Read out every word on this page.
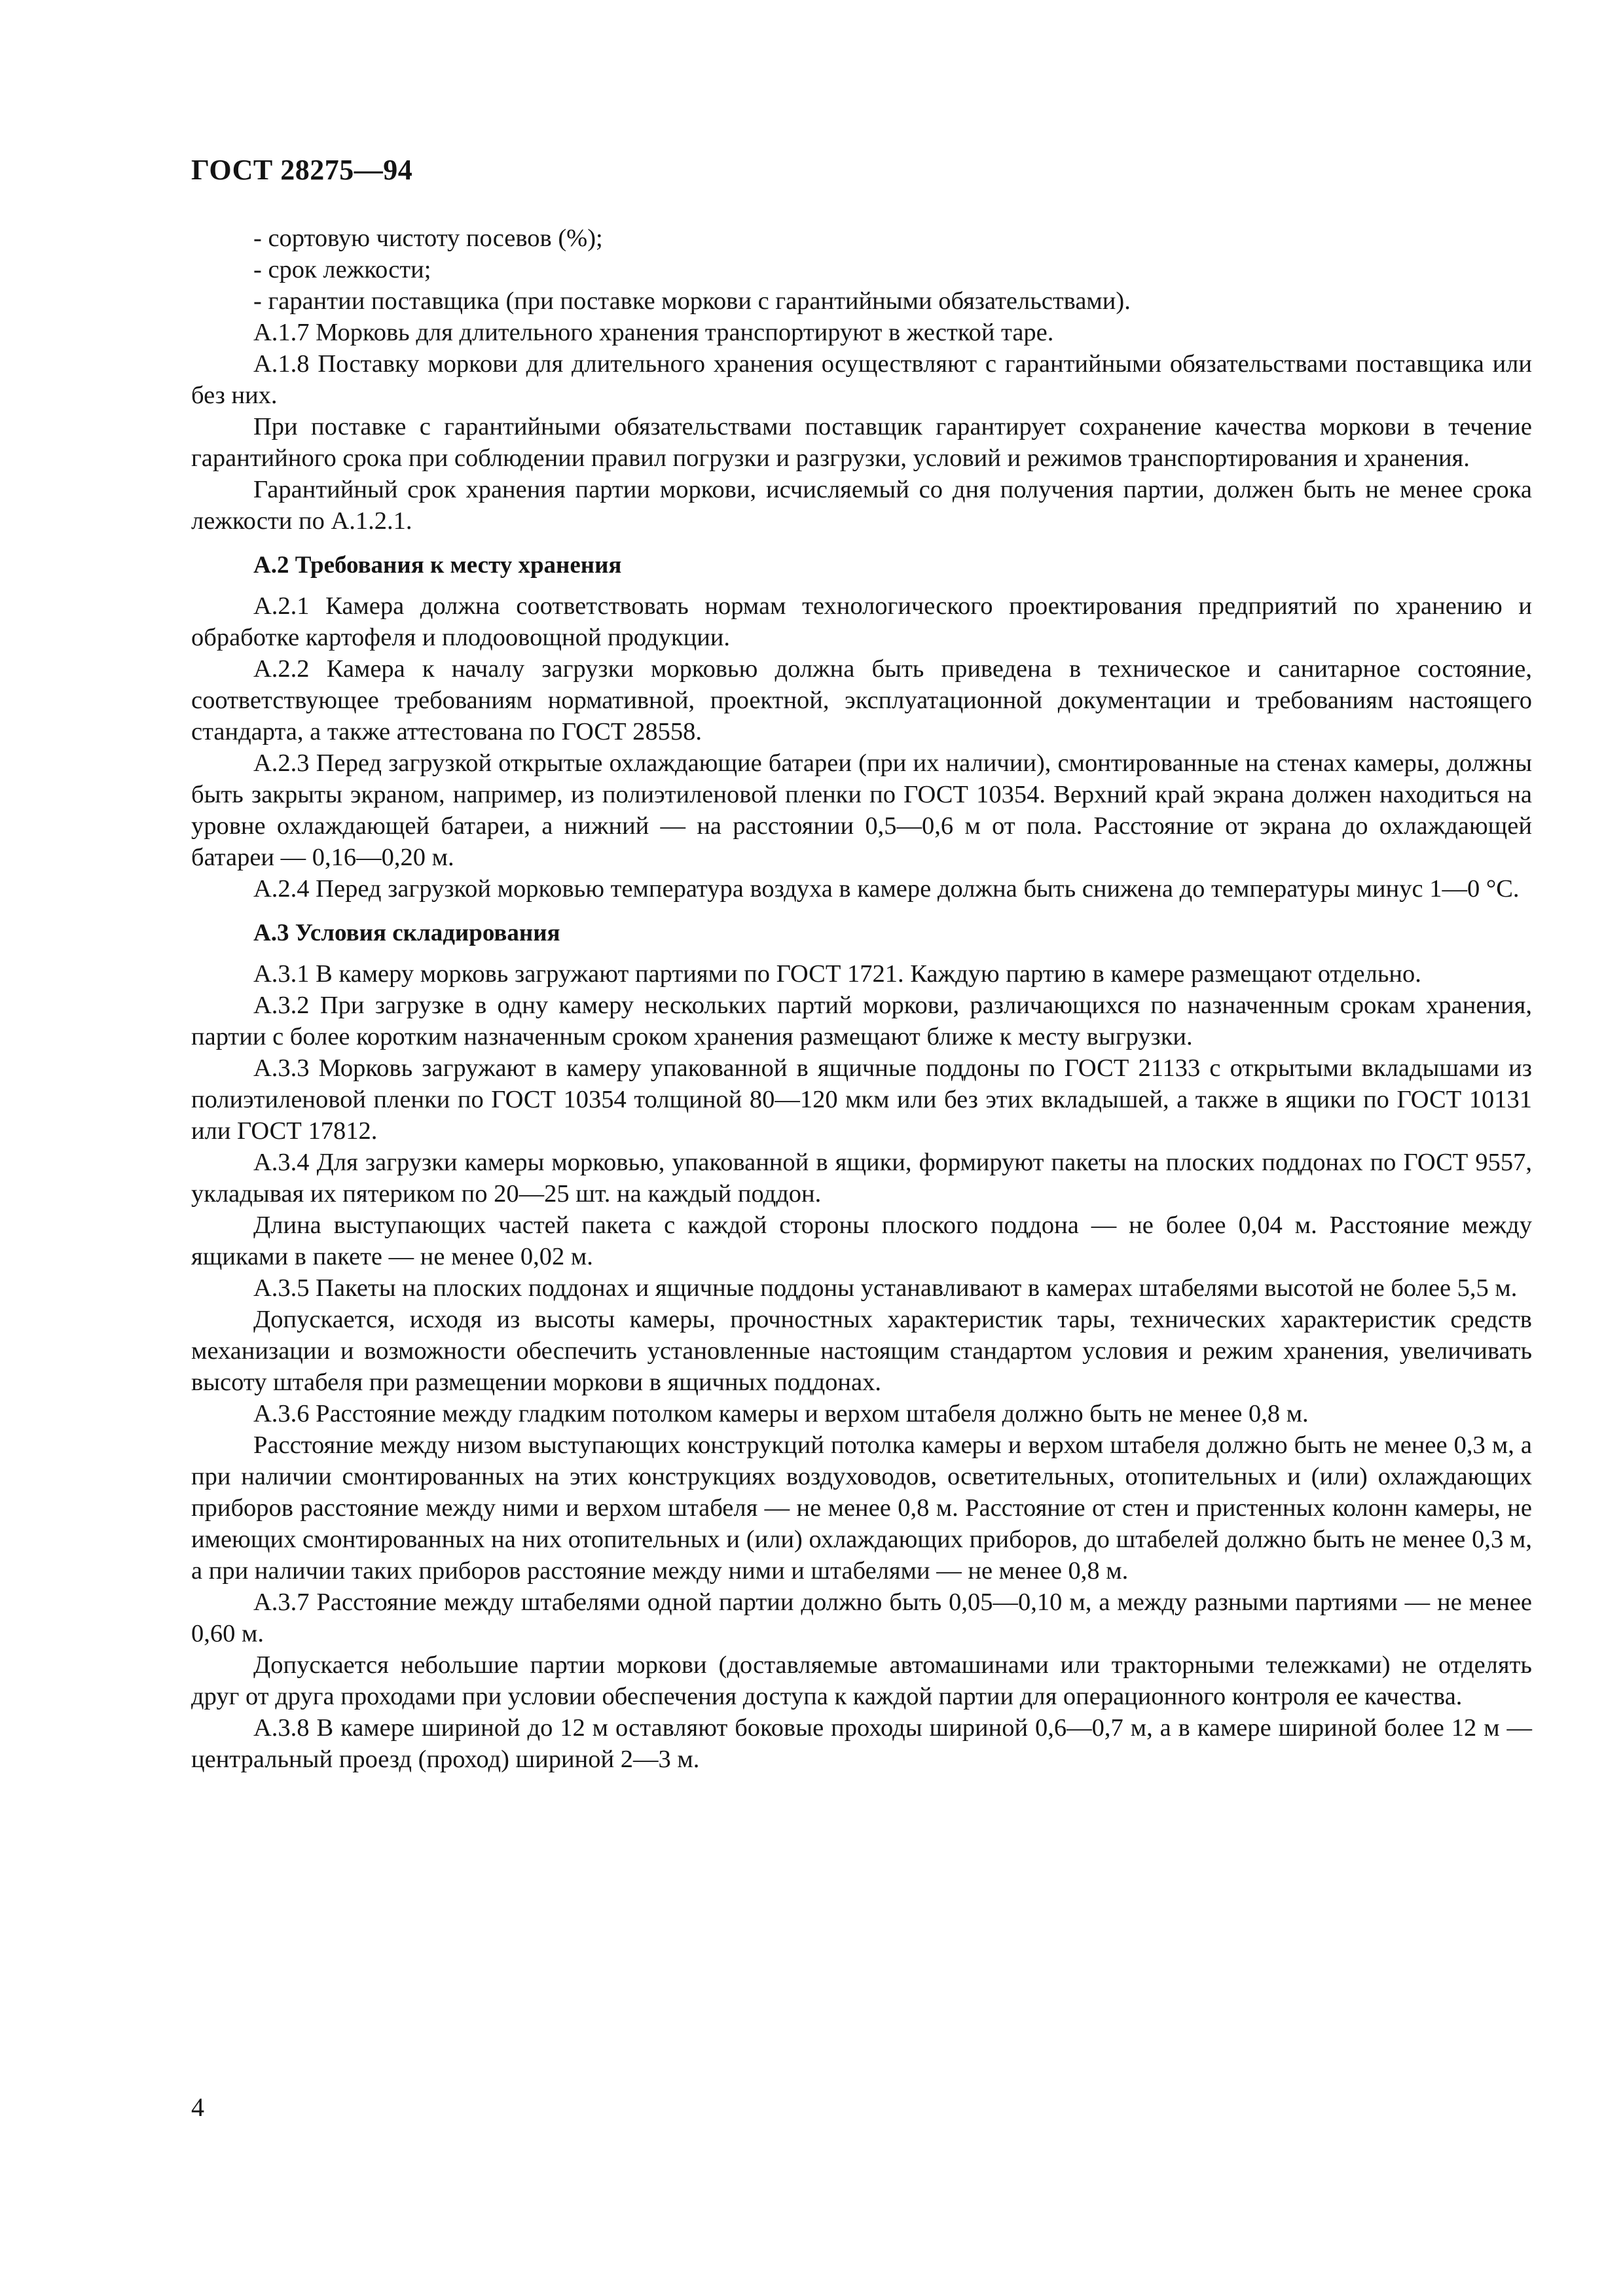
ГОСТ 28275—94

- сортовую чистоту посевов (%);

- срок лежкости;

- гарантии поставщика (при поставке моркови с гарантийными обязательствами).

А.1.7 Морковь для длительного хранения транспортируют в жесткой таре.

А.1.8 Поставку моркови для длительного хранения осуществляют с гарантийными обязательствами поставщика или без них.

При поставке с гарантийными обязательствами поставщик гарантирует сохранение качества моркови в течение гарантийного срока при соблюдении правил погрузки и разгрузки, условий и режимов транспортирования и хранения.

Гарантийный срок хранения партии моркови, исчисляемый со дня получения партии, должен быть не менее срока лежкости по А.1.2.1.

А.2 Требования к месту хранения

А.2.1 Камера должна соответствовать нормам технологического проектирования предприятий по хранению и обработке картофеля и плодоовощной продукции.

А.2.2 Камера к началу загрузки морковью должна быть приведена в техническое и санитарное состояние, соответствующее требованиям нормативной, проектной, эксплуатационной документации и требованиям настоящего стандарта, а также аттестована по ГОСТ 28558.

А.2.3 Перед загрузкой открытые охлаждающие батареи (при их наличии), смонтированные на стенах камеры, должны быть закрыты экраном, например, из полиэтиленовой пленки по ГОСТ 10354. Верхний край экрана должен находиться на уровне охлаждающей батареи, а нижний — на расстоянии 0,5—0,6 м от пола. Расстояние от экрана до охлаждающей батареи — 0,16—0,20 м.

А.2.4 Перед загрузкой морковью температура воздуха в камере должна быть снижена до температуры минус 1—0 °С.

А.3 Условия складирования

А.3.1 В камеру морковь загружают партиями по ГОСТ 1721. Каждую партию в камере размещают отдельно.

А.3.2 При загрузке в одну камеру нескольких партий моркови, различающихся по назначенным срокам хранения, партии с более коротким назначенным сроком хранения размещают ближе к месту выгрузки.

А.3.3 Морковь загружают в камеру упакованной в ящичные поддоны по ГОСТ 21133 с открытыми вкладышами из полиэтиленовой пленки по ГОСТ 10354 толщиной 80—120 мкм или без этих вкладышей, а также в ящики по ГОСТ 10131 или ГОСТ 17812.

А.3.4 Для загрузки камеры морковью, упакованной в ящики, формируют пакеты на плоских поддонах по ГОСТ 9557, укладывая их пятериком по 20—25 шт. на каждый поддон.

Длина выступающих частей пакета с каждой стороны плоского поддона — не более 0,04 м. Расстояние между ящиками в пакете — не менее 0,02 м.

А.3.5 Пакеты на плоских поддонах и ящичные поддоны устанавливают в камерах штабелями высотой не более 5,5 м.

Допускается, исходя из высоты камеры, прочностных характеристик тары, технических характеристик средств механизации и возможности обеспечить установленные настоящим стандартом условия и режим хранения, увеличивать высоту штабеля при размещении моркови в ящичных поддонах.

А.3.6 Расстояние между гладким потолком камеры и верхом штабеля должно быть не менее 0,8 м.

Расстояние между низом выступающих конструкций потолка камеры и верхом штабеля должно быть не менее 0,3 м, а при наличии смонтированных на этих конструкциях воздуховодов, осветительных, отопительных и (или) охлаждающих приборов расстояние между ними и верхом штабеля — не менее 0,8 м. Расстояние от стен и пристенных колонн камеры, не имеющих смонтированных на них отопительных и (или) охлаждающих приборов, до штабелей должно быть не менее 0,3 м, а при наличии таких приборов расстояние между ними и штабелями — не менее 0,8 м.

А.3.7 Расстояние между штабелями одной партии должно быть 0,05—0,10 м, а между разными партиями — не менее 0,60 м.

Допускается небольшие партии моркови (доставляемые автомашинами или тракторными тележками) не отделять друг от друга проходами при условии обеспечения доступа к каждой партии для операционного контроля ее качества.

А.3.8 В камере шириной до 12 м оставляют боковые проходы шириной 0,6—0,7 м, а в камере шириной более 12 м — центральный проезд (проход) шириной 2—3 м.

4
